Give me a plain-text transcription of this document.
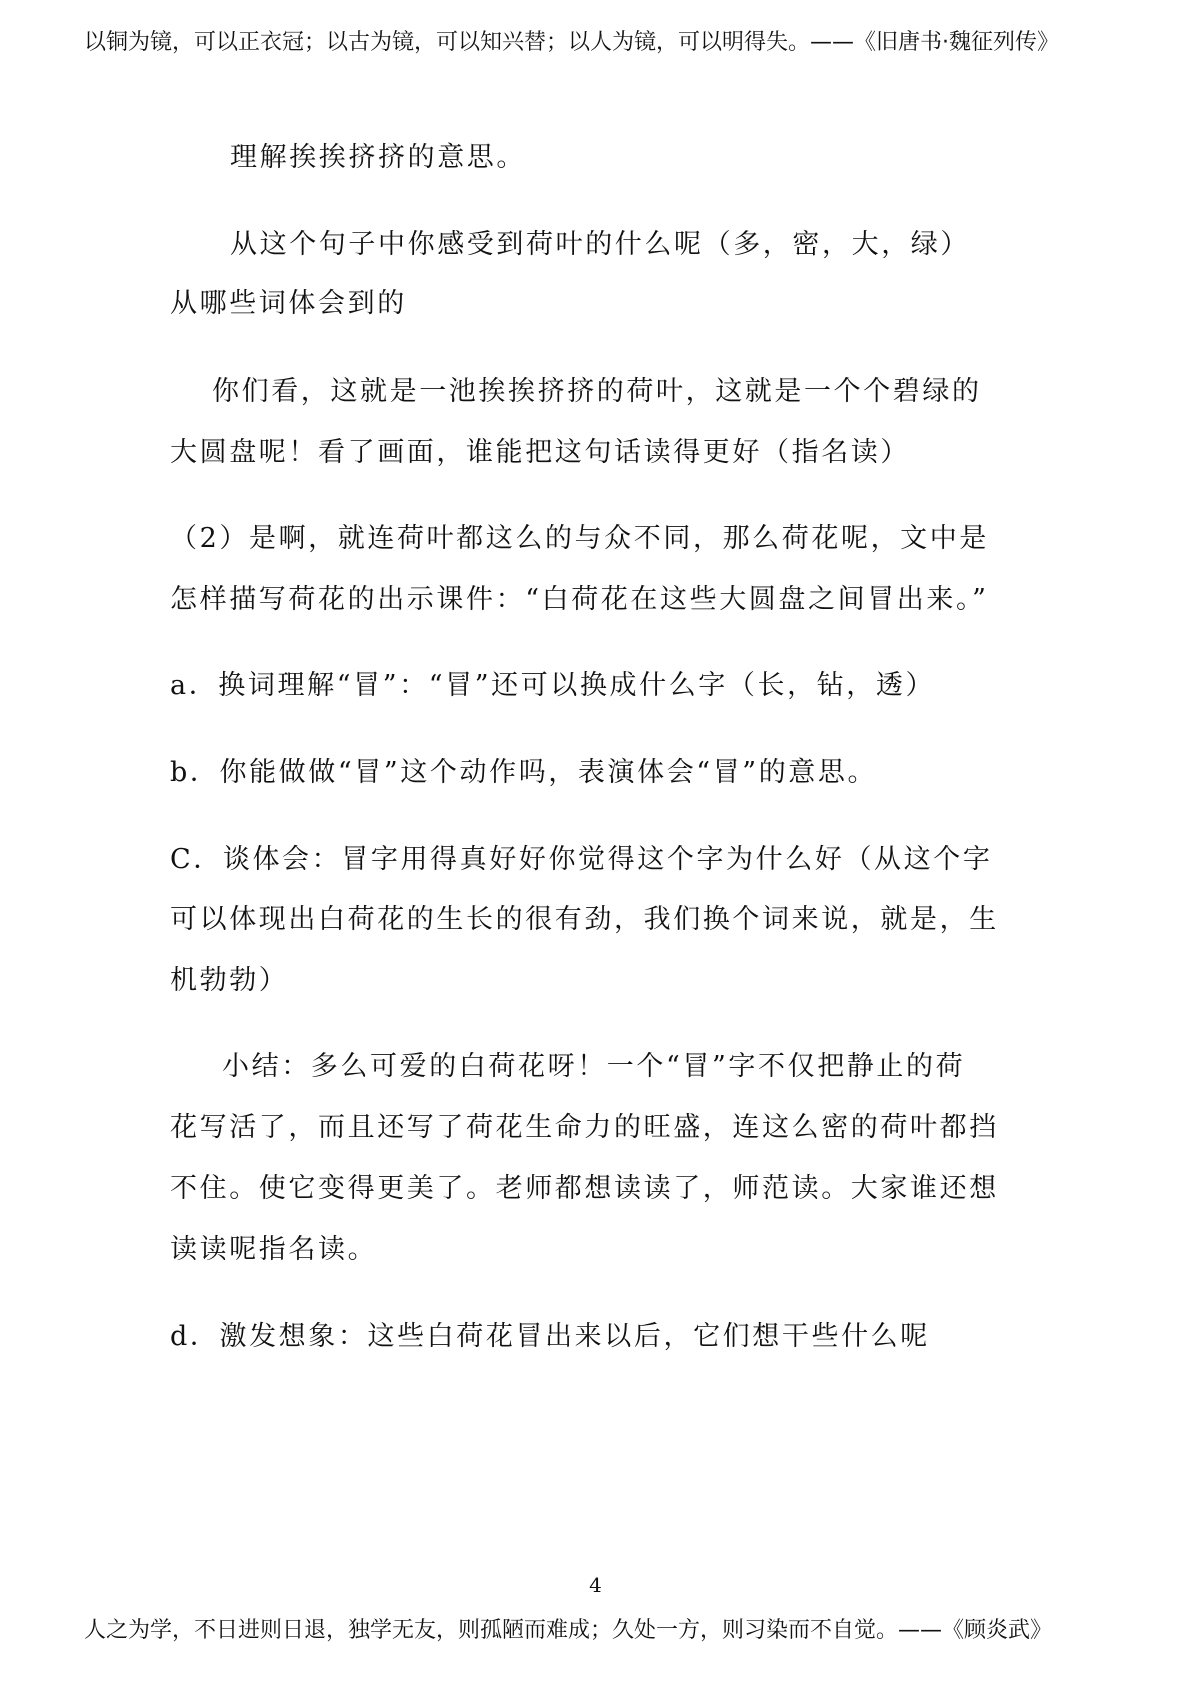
以铜为镜，可以正衣冠；以古为镜，可以知兴替；以人为镜，可以明得失。——《旧唐书·魏征列传》
理解挨挨挤挤的意思。
从这个句子中你感受到荷叶的什么呢（多，密，大，绿）
从哪些词体会到的
你们看，这就是一池挨挨挤挤的荷叶，这就是一个个碧绿的
大圆盘呢！看了画面，谁能把这句话读得更好（指名读）
（2）是啊，就连荷叶都这么的与众不同，那么荷花呢，文中是
怎样描写荷花的出示课件：“白荷花在这些大圆盘之间冒出来。”
a．换词理解“冒”：“冒”还可以换成什么字（长，钻，透）
b．你能做做“冒”这个动作吗，表演体会“冒”的意思。
C．谈体会：冒字用得真好好你觉得这个字为什么好（从这个字
可以体现出白荷花的生长的很有劲，我们换个词来说，就是，生
机勃勃）
小结：多么可爱的白荷花呀！一个“冒”字不仅把静止的荷
花写活了，而且还写了荷花生命力的旺盛，连这么密的荷叶都挡
不住。使它变得更美了。老师都想读读了，师范读。大家谁还想
读读呢指名读。
d．激发想象：这些白荷花冒出来以后，它们想干些什么呢
4
人之为学，不日进则日退，独学无友，则孤陋而难成；久处一方，则习染而不自觉。——《顾炎武》
